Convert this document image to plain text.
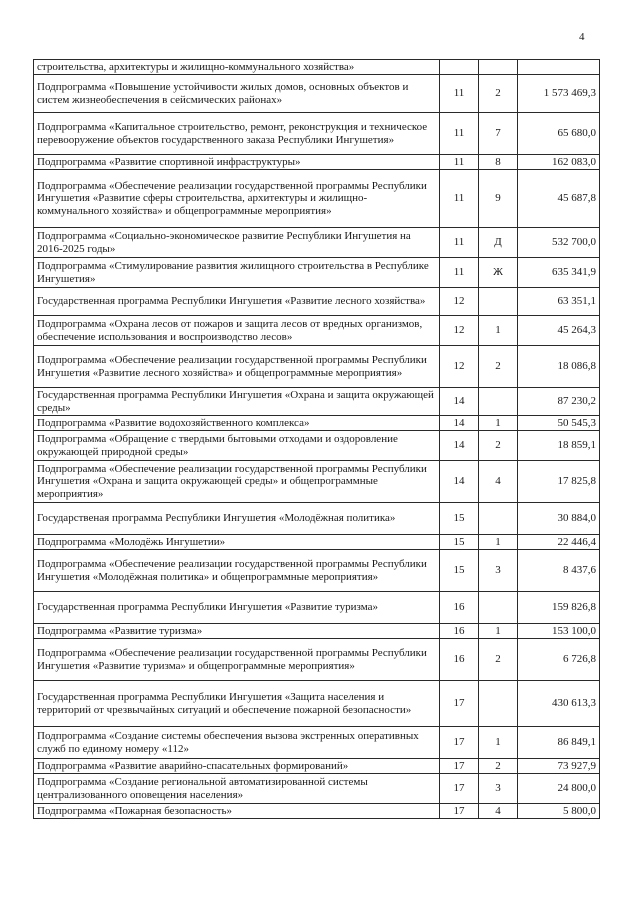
4
строительства, архитектуры и жилищно-коммунального хозяйства»			
Подпрограмма «Повышение устойчивости жилых домов, основных объектов и систем жизнеобеспечения в сейсмических районах»	11	2	1 573 469,3
Подпрограмма «Капитальное строительство, ремонт, реконструкция и техническое перевооружение объектов государственного заказа Республики Ингушетия»	11	7	65 680,0
Подпрограмма «Развитие спортивной инфраструктуры»	11	8	162 083,0
Подпрограмма «Обеспечение реализации государственной программы Республики Ингушетия «Развитие сферы строительства, архитектуры и жилищно-коммунального хозяйства» и общепрограммные мероприятия»	11	9	45 687,8
Подпрограмма «Социально-экономическое развитие Республики Ингушетия на 2016-2025 годы»	11	Д	532 700,0
Подпрограмма «Стимулирование развития жилищного строительства в Республике Ингушетия»	11	Ж	635 341,9
Государственная программа Республики Ингушетия «Развитие лесного хозяйства»	12		63 351,1
Подпрограмма «Охрана лесов от пожаров и защита лесов от вредных организмов, обеспечение использования и воспроизводство лесов»	12	1	45 264,3
Подпрограмма «Обеспечение реализации государственной программы Республики Ингушетия «Развитие лесного хозяйства» и общепрограммные мероприятия»	12	2	18 086,8
Государственная программа Республики Ингушетия «Охрана и защита окружающей среды»	14		87 230,2
Подпрограмма «Развитие водохозяйственного комплекса»	14	1	50 545,3
Подпрограмма «Обращение с твердыми бытовыми отходами и оздоровление окружающей природной среды»	14	2	18 859,1
Подпрограмма «Обеспечение реализации государственной программы Республики Ингушетия «Охрана и защита окружающей среды» и общепрограммные мероприятия»	14	4	17 825,8
Государственая программа Республики Ингушетия «Молодёжная политика»	15		30 884,0
Подпрограмма «Молодёжь Ингушетии»	15	1	22 446,4
Подпрограмма «Обеспечение реализации государственной программы Республики Ингушетия «Молодёжная политика» и общепрограммные мероприятия»	15	3	8 437,6
Государственная программа Республики Ингушетия «Развитие туризма»	16		159 826,8
Подпрограмма «Развитие туризма»	16	1	153 100,0
Подпрограмма «Обеспечение реализации государственной программы Республики Ингушетия «Развитие туризма» и общепрограммные мероприятия»	16	2	6 726,8
Государственная программа Республики Ингушетия «Защита населения и территорий от чрезвычайных ситуаций и обеспечение пожарной безопасности»	17		430 613,3
Подпрограмма «Создание системы обеспечения вызова экстренных оперативных служб по единому номеру «112»	17	1	86 849,1
Подпрограмма «Развитие аварийно-спасательных формирований»	17	2	73 927,9
Подпрограмма «Создание региональной автоматизированной системы централизованного оповещения населения»	17	3	24 800,0
Подпрограмма «Пожарная безопасность»	17	4	5 800,0
